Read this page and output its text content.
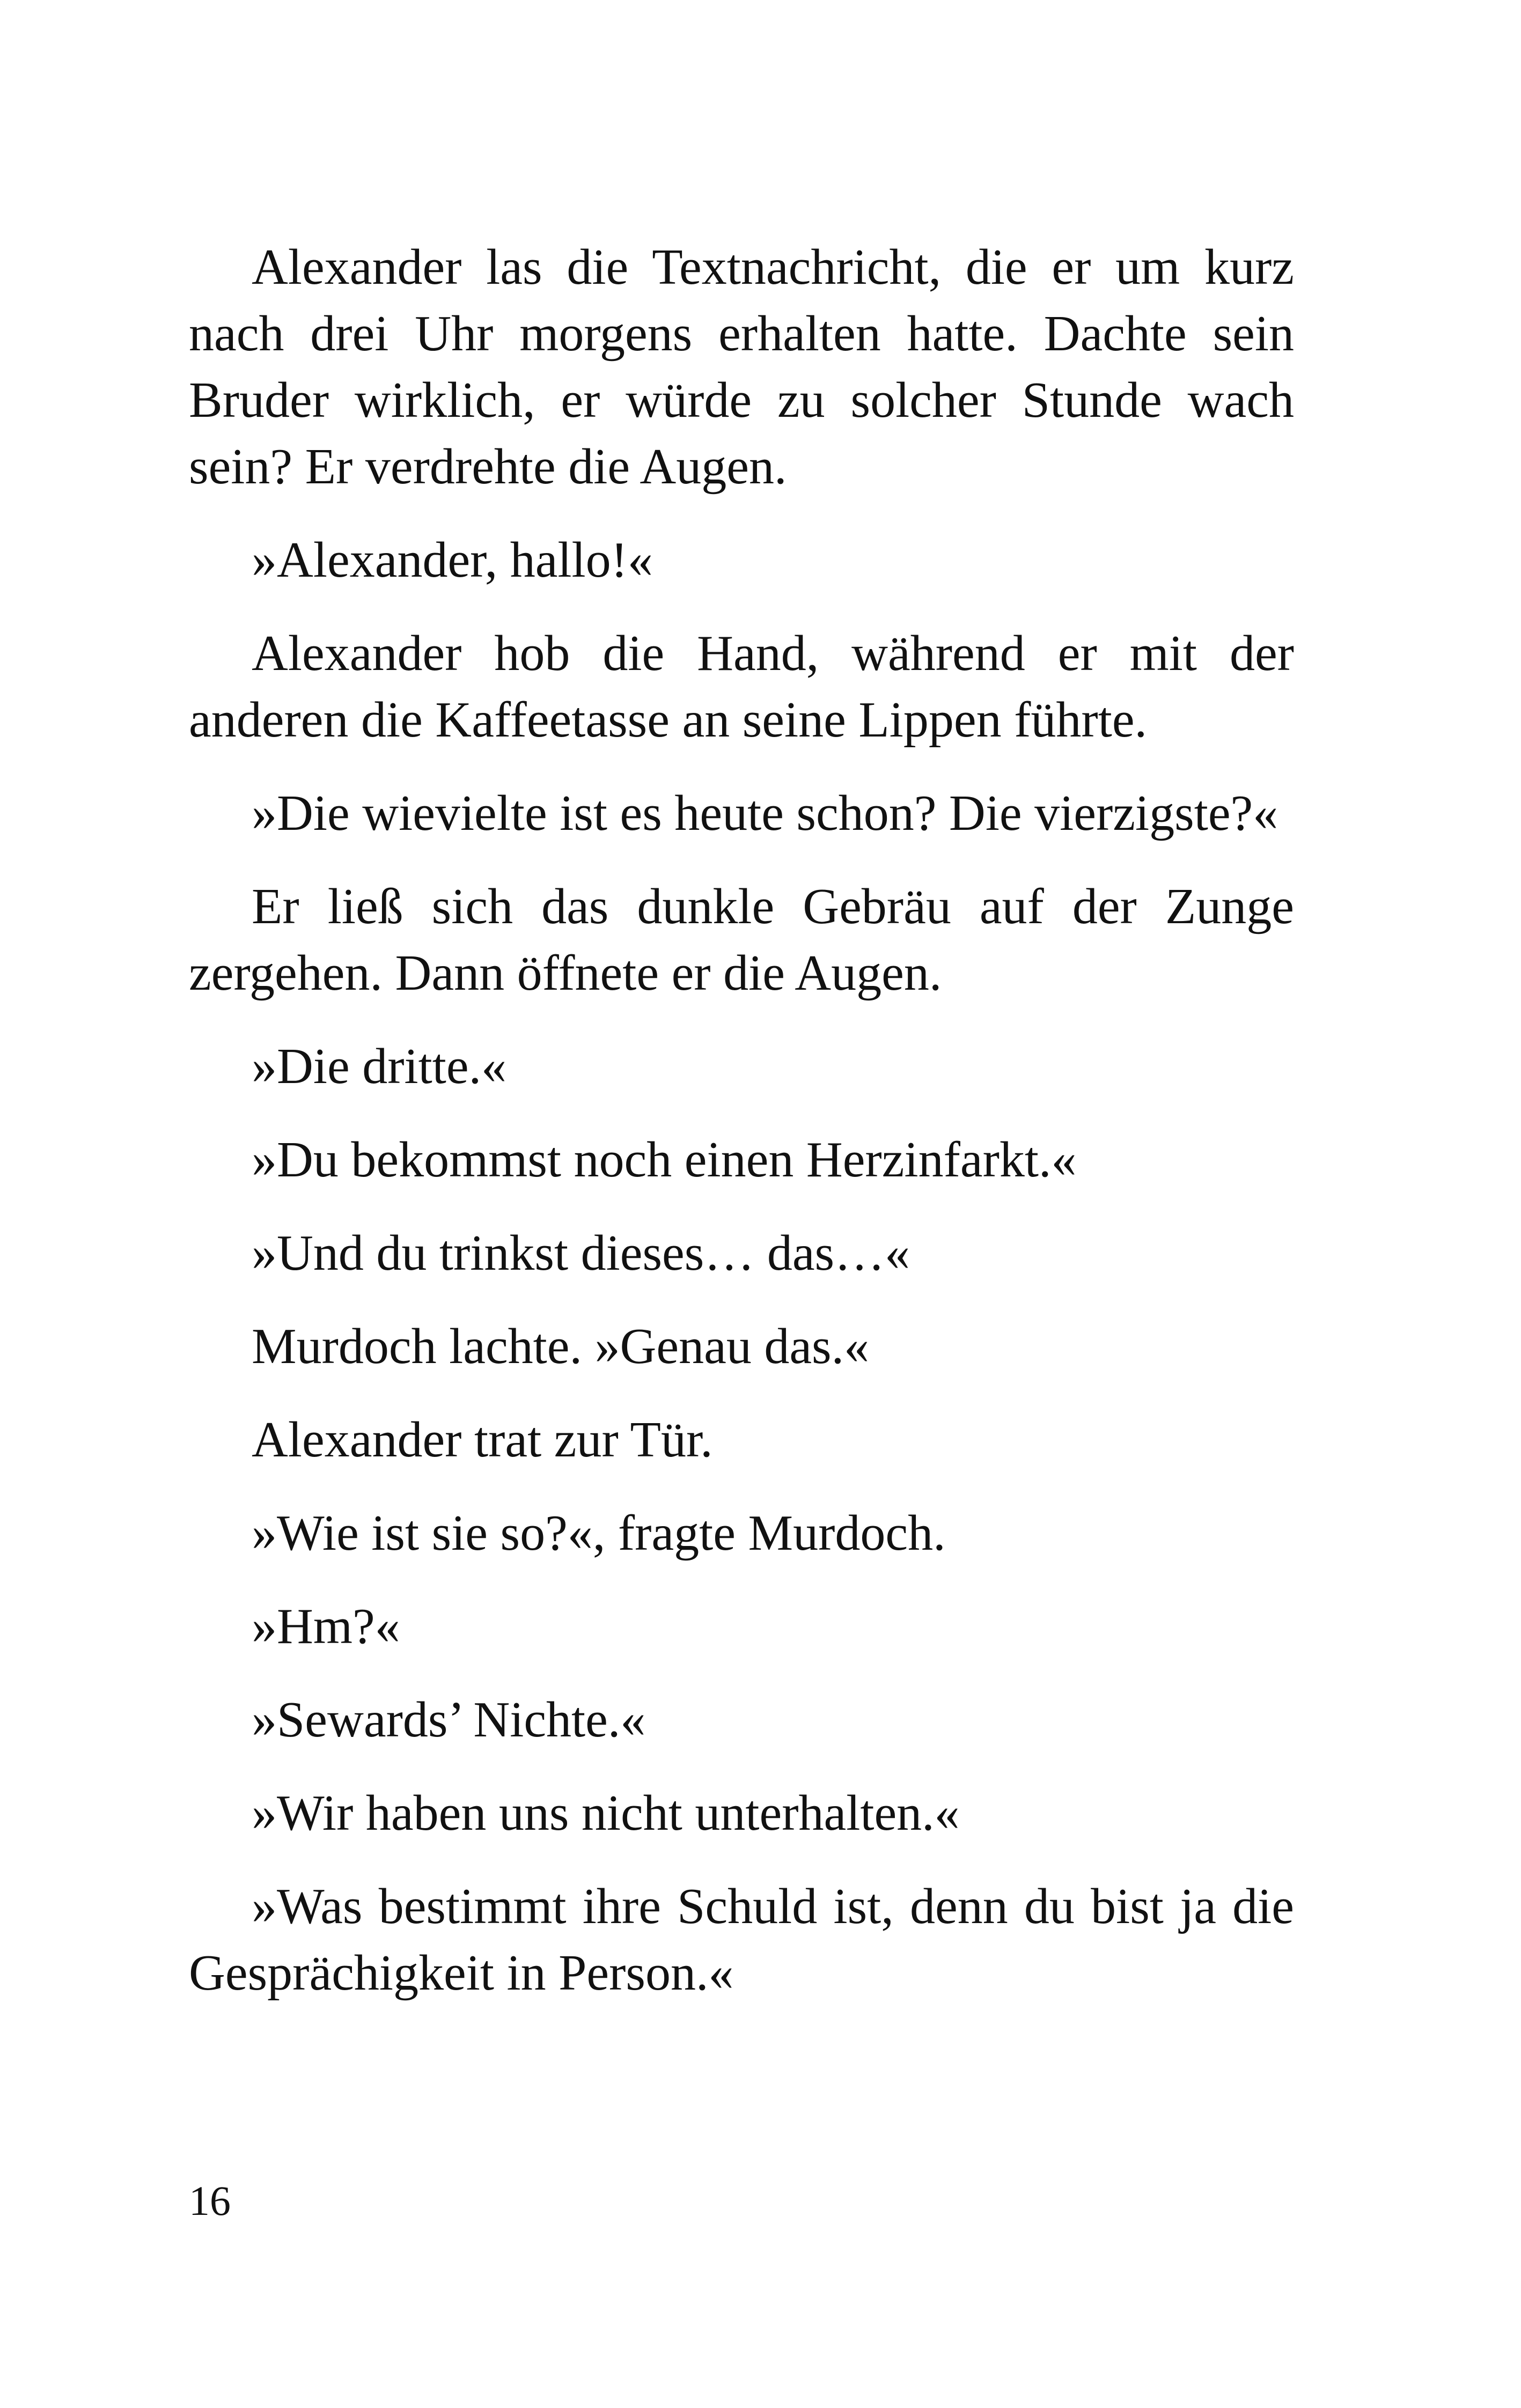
Alexander las die Textnachricht, die er um kurz nach drei Uhr morgens erhalten hatte. Dachte sein Bruder wirklich, er würde zu solcher Stunde wach sein? Er verdrehte die Augen.

»Alexander, hallo!«

Alexander hob die Hand, während er mit der anderen die Kaffeetasse an seine Lippen führte.

»Die wievielte ist es heute schon? Die vierzigste?«

Er ließ sich das dunkle Gebräu auf der Zunge zergehen. Dann öffnete er die Augen.

»Die dritte.«

»Du bekommst noch einen Herzinfarkt.«

»Und du trinkst dieses… das…«

Murdoch lachte. »Genau das.«

Alexander trat zur Tür.

»Wie ist sie so?«, fragte Murdoch.

»Hm?«

»Sewards’ Nichte.«

»Wir haben uns nicht unterhalten.«

»Was bestimmt ihre Schuld ist, denn du bist ja die Gesprächigkeit in Person.«

16
